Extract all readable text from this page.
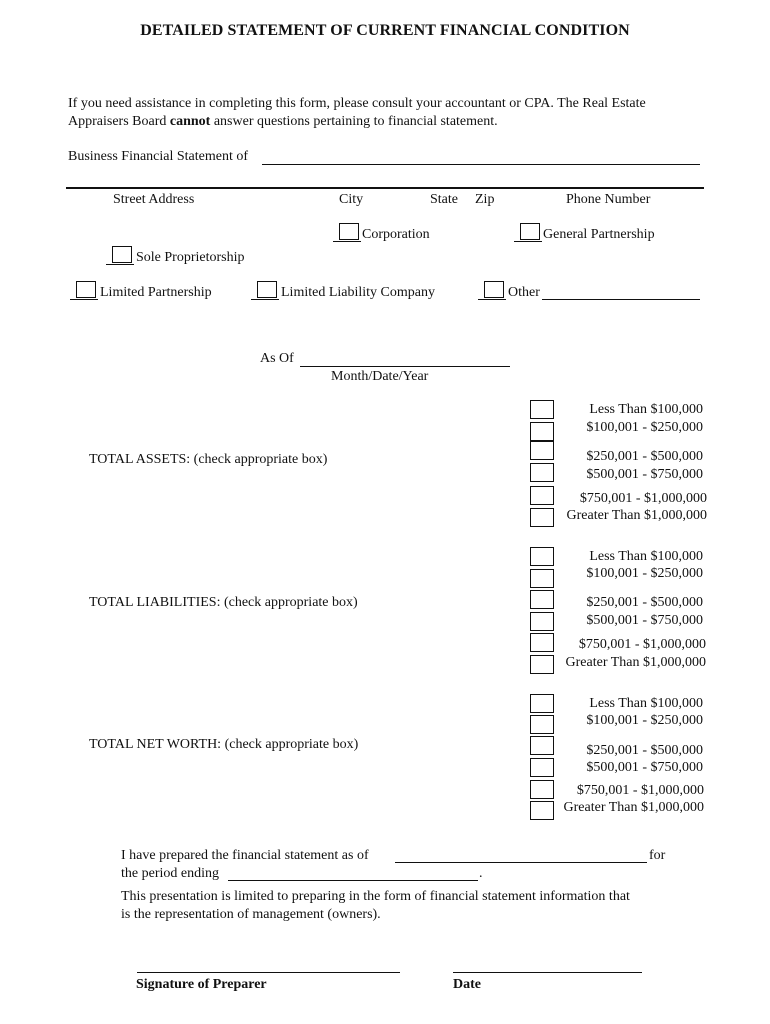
DETAILED STATEMENT OF CURRENT FINANCIAL CONDITION
If you need assistance in completing this form, please consult your accountant or CPA. The Real Estate
Appraisers Board cannot answer questions pertaining to financial statement.
Business Financial Statement of
Street Address	City	State Zip	Phone Number
Corporation	General Partnership
Sole Proprietorship
Limited Partnership	Limited Liability Company	Other
As Of
Month/Date/Year
TOTAL ASSETS: (check appropriate box)
Less Than $100,000
$100,001 - $250,000
$250,001 - $500,000
$500,001 - $750,000
$750,001 - $1,000,000
Greater Than $1,000,000
TOTAL LIABILITIES: (check appropriate box)
Less Than $100,000
$100,001 - $250,000
$250,001 - $500,000
$500,001 - $750,000
$750,001 - $1,000,000
Greater Than $1,000,000
TOTAL NET WORTH: (check appropriate box)
Less Than $100,000
$100,001 - $250,000
$250,001 - $500,000
$500,001 - $750,000
$750,001 - $1,000,000
Greater Than $1,000,000
I have prepared the financial statement as of	for
the period ending	.
This presentation is limited to preparing in the form of financial statement information that
is the representation of management (owners).
Signature of Preparer	Date
